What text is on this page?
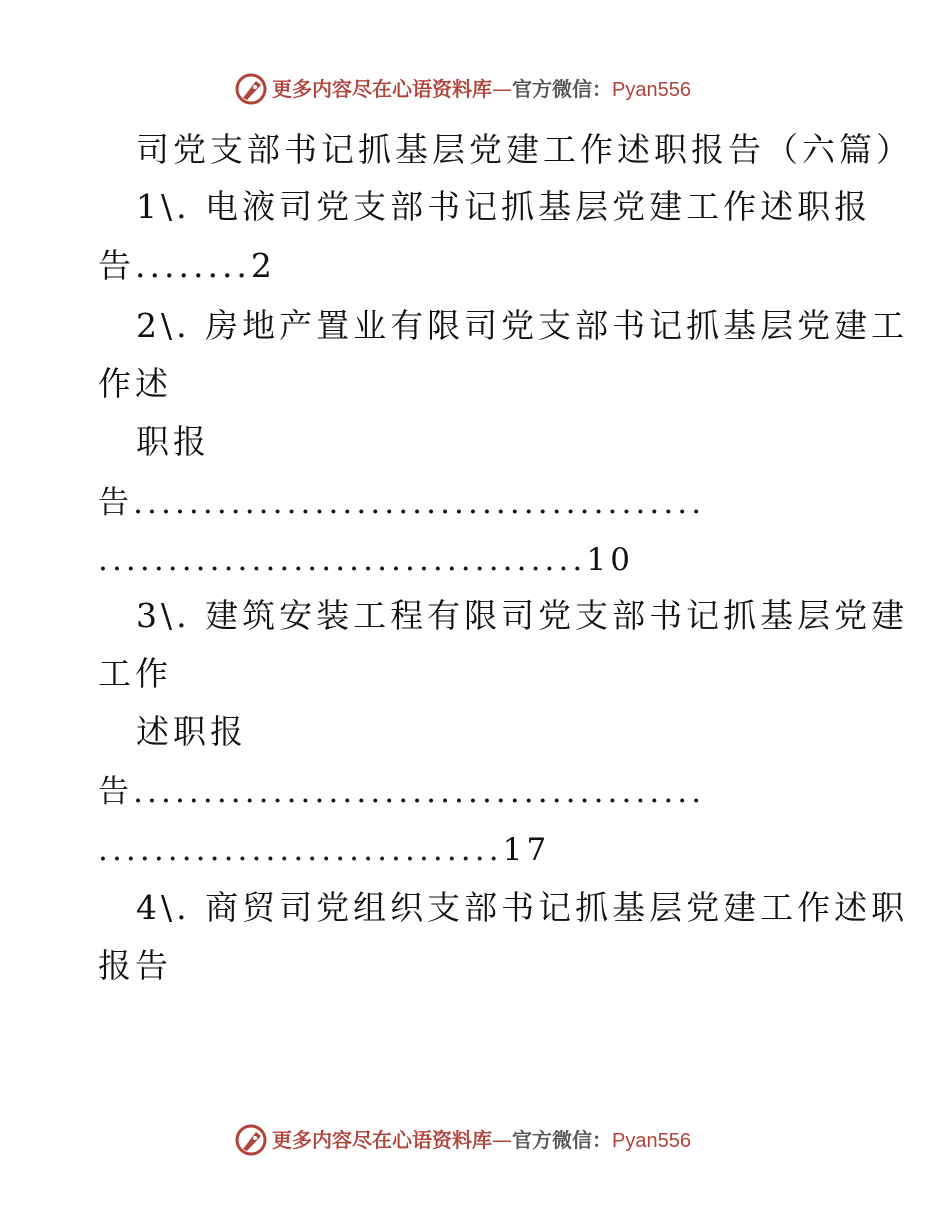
更多内容尽在心语资料库—官方微信：Pyan556
司党支部书记抓基层党建工作述职报告（六篇）
1\. 电液司党支部书记抓基层党建工作述职报
告........2
2\. 房地产置业有限司党支部书记抓基层党建工
作述
职报
告.........................................
...................................10
3\. 建筑安装工程有限司党支部书记抓基层党建
工作
述职报
告.........................................
.............................17
4\. 商贸司党组织支部书记抓基层党建工作述职
报告
更多内容尽在心语资料库—官方微信：Pyan556
